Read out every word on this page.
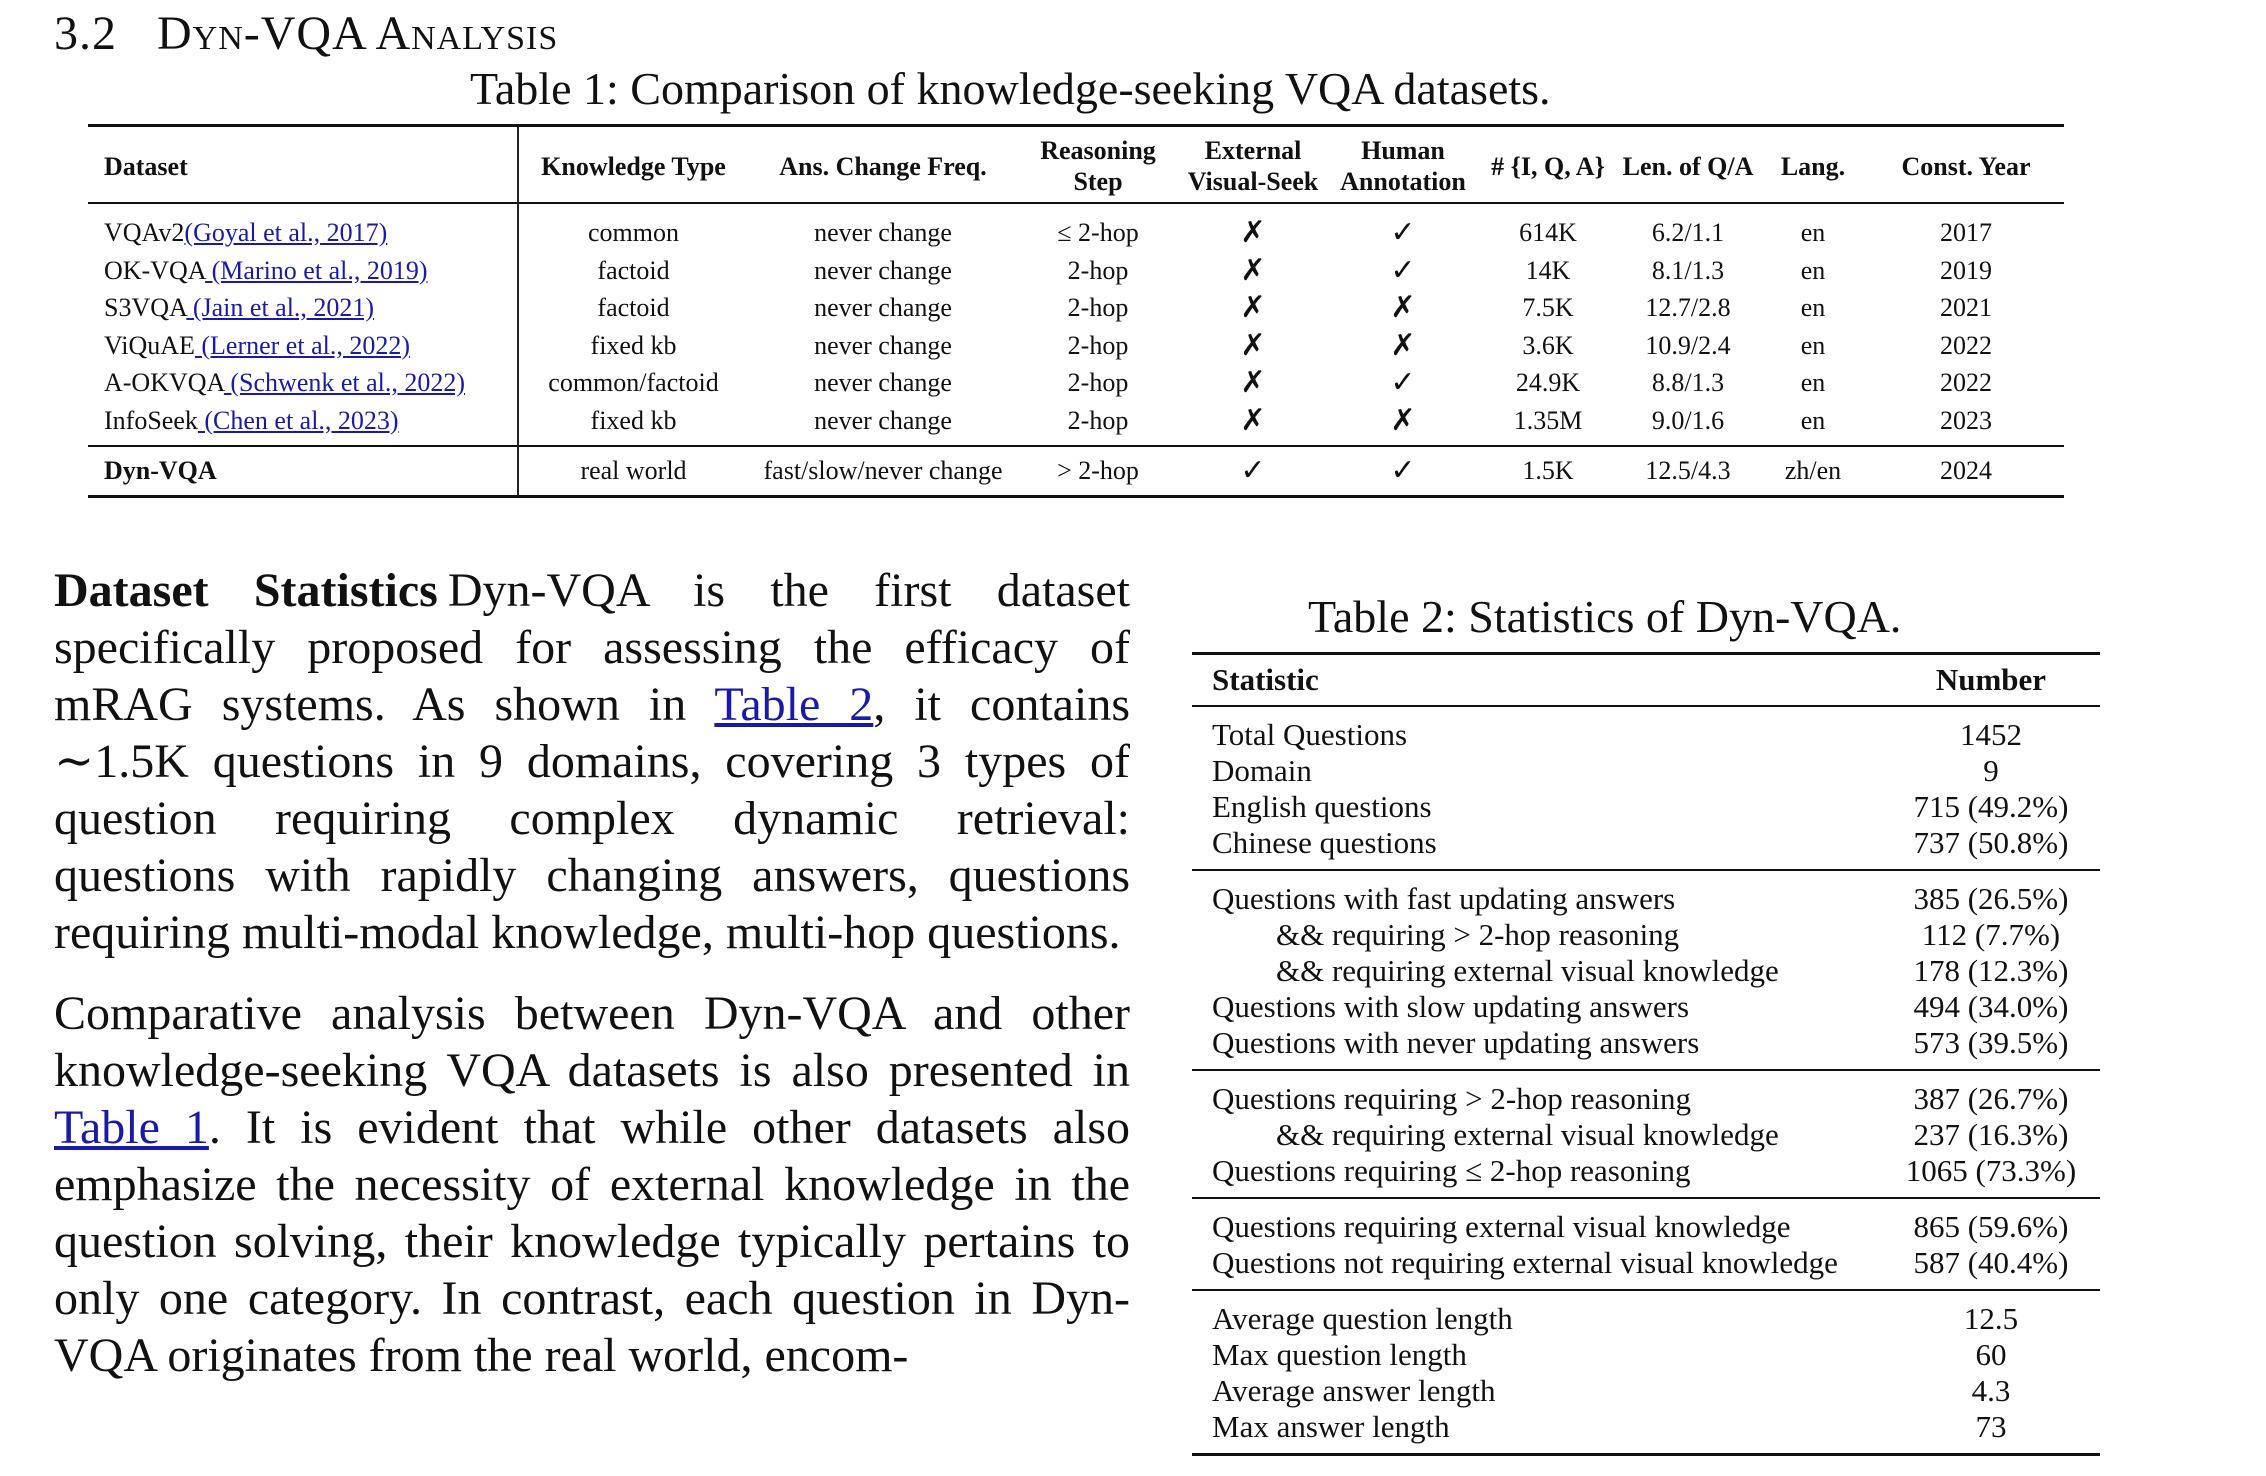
3.2 Dyn-VQA Analysis
Table 1: Comparison of knowledge-seeking VQA datasets.
Dataset	Knowledge Type	Ans. Change Freq.	Reasoning Step	External Visual-Seek	Human Annotation	# {I, Q, A}	Len. of Q/A	Lang.	Const. Year
VQAv2(Goyal et al., 2017)	common	never change	≤ 2-hop	✗	✓	614K	6.2/1.1	en	2017
OK-VQA (Marino et al., 2019)	factoid	never change	2-hop	✗	✓	14K	8.1/1.3	en	2019
S3VQA (Jain et al., 2021)	factoid	never change	2-hop	✗	✗	7.5K	12.7/2.8	en	2021
ViQuAE (Lerner et al., 2022)	fixed kb	never change	2-hop	✗	✗	3.6K	10.9/2.4	en	2022
A-OKVQA (Schwenk et al., 2022)	common/factoid	never change	2-hop	✗	✓	24.9K	8.8/1.3	en	2022
InfoSeek (Chen et al., 2023)	fixed kb	never change	2-hop	✗	✗	1.35M	9.0/1.6	en	2023
Dyn-VQA	real world	fast/slow/never change	> 2-hop	✓	✓	1.5K	12.5/4.3	zh/en	2024

Dataset Statistics Dyn-VQA is the first dataset specifically proposed for assessing the efficacy of mRAG systems. As shown in Table 2, it contains ∼1.5K questions in 9 domains, covering 3 types of question requiring complex dynamic retrieval: questions with rapidly changing answers, questions requiring multi-modal knowledge, multi-hop questions.

Comparative analysis between Dyn-VQA and other knowledge-seeking VQA datasets is also presented in Table 1. It is evident that while other datasets also emphasize the necessity of external knowledge in the question solving, their knowledge typically pertains to only one category. In contrast, each question in Dyn-VQA originates from the real world, encom-

Table 2: Statistics of Dyn-VQA.
Statistic	Number
Total Questions	1452
Domain	9
English questions	715 (49.2%)
Chinese questions	737 (50.8%)
Questions with fast updating answers	385 (26.5%)
&& requiring > 2-hop reasoning	112 (7.7%)
&& requiring external visual knowledge	178 (12.3%)
Questions with slow updating answers	494 (34.0%)
Questions with never updating answers	573 (39.5%)
Questions requiring > 2-hop reasoning	387 (26.7%)
&& requiring external visual knowledge	237 (16.3%)
Questions requiring ≤ 2-hop reasoning	1065 (73.3%)
Questions requiring external visual knowledge	865 (59.6%)
Questions not requiring external visual knowledge	587 (40.4%)
Average question length	12.5
Max question length	60
Average answer length	4.3
Max answer length	73
